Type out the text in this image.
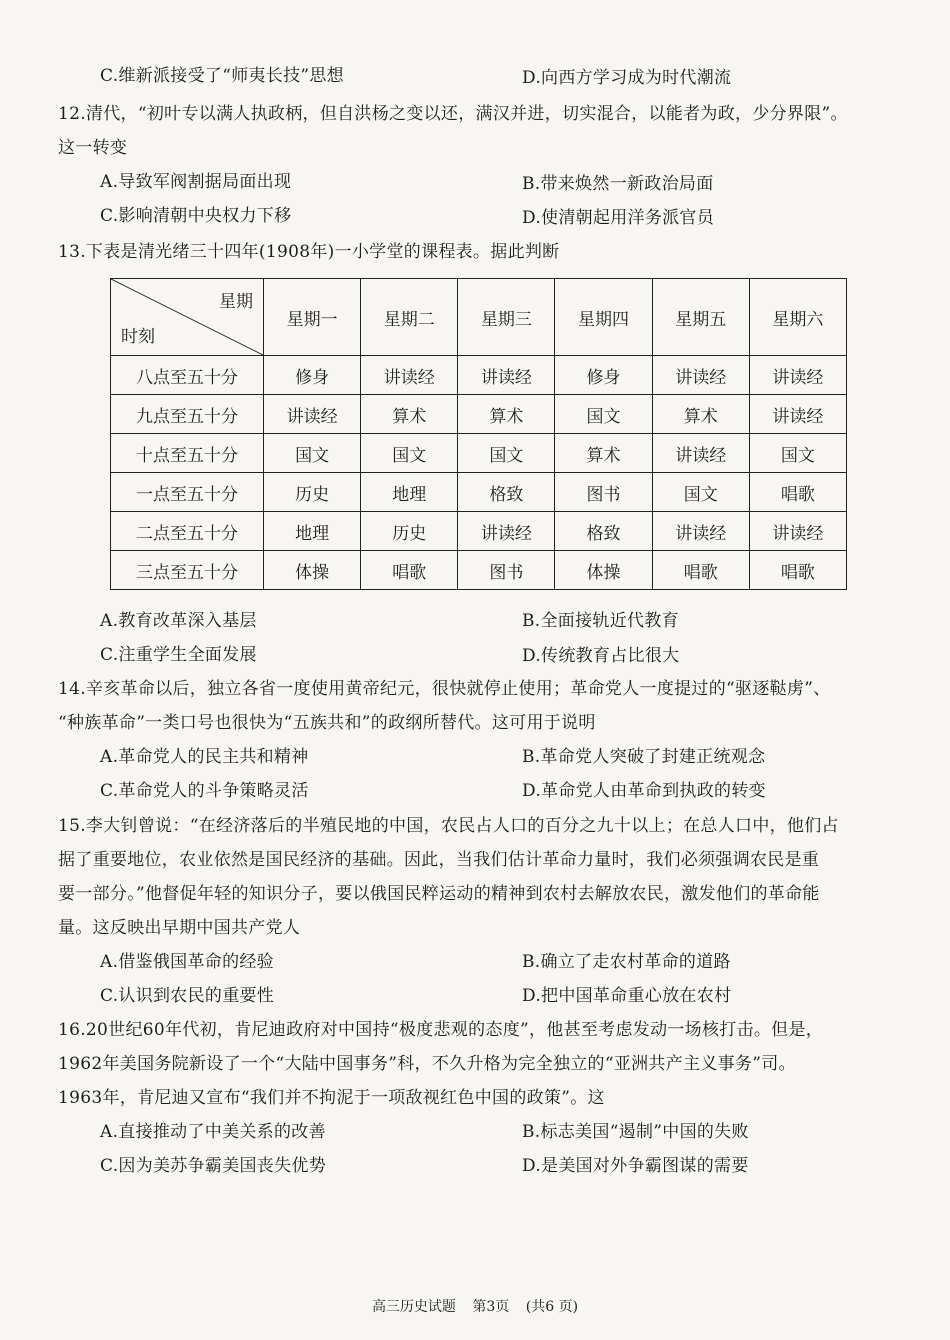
C.维新派接受了“师夷长技”思想	D.向西方学习成为时代潮流
12.清代，“初叶专以满人执政柄，但自洪杨之变以还，满汉并进，切实混合，以能者为政，少分界限”。
这一转变
A.导致军阀割据局面出现	B.带来焕然一新政治局面
C.影响清朝中央权力下移	D.使清朝起用洋务派官员
13.下表是清光绪三十四年(1908年)一小学堂的课程表。据此判断
星期
时刻	星期一	星期二	星期三	星期四	星期五	星期六
八点至五十分	修身	讲读经	讲读经	修身	讲读经	讲读经
九点至五十分	讲读经	算术	算术	国文	算术	讲读经
十点至五十分	国文	国文	国文	算术	讲读经	国文
一点至五十分	历史	地理	格致	图书	国文	唱歌
二点至五十分	地理	历史	讲读经	格致	讲读经	讲读经
三点至五十分	体操	唱歌	图书	体操	唱歌	唱歌
A.教育改革深入基层	B.全面接轨近代教育
C.注重学生全面发展	D.传统教育占比很大
14.辛亥革命以后，独立各省一度使用黄帝纪元，很快就停止使用；革命党人一度提过的“驱逐鞑虏”、
“种族革命”一类口号也很快为“五族共和”的政纲所替代。这可用于说明
A.革命党人的民主共和精神	B.革命党人突破了封建正统观念
C.革命党人的斗争策略灵活	D.革命党人由革命到执政的转变
15.李大钊曾说：“在经济落后的半殖民地的中国，农民占人口的百分之九十以上；在总人口中，他们占
据了重要地位，农业依然是国民经济的基础。因此，当我们估计革命力量时，我们必须强调农民是重
要一部分。”他督促年轻的知识分子，要以俄国民粹运动的精神到农村去解放农民，激发他们的革命能
量。这反映出早期中国共产党人
A.借鉴俄国革命的经验	B.确立了走农村革命的道路
C.认识到农民的重要性	D.把中国革命重心放在农村
16.20世纪60年代初，肯尼迪政府对中国持“极度悲观的态度”，他甚至考虑发动一场核打击。但是，
1962年美国务院新设了一个“大陆中国事务”科，不久升格为完全独立的“亚洲共产主义事务”司。
1963年，肯尼迪又宣布“我们并不拘泥于一项敌视红色中国的政策”。这
A.直接推动了中美关系的改善	B.标志美国“遏制”中国的失败
C.因为美苏争霸美国丧失优势	D.是美国对外争霸图谋的需要
高三历史试题 第3页 (共6 页)
